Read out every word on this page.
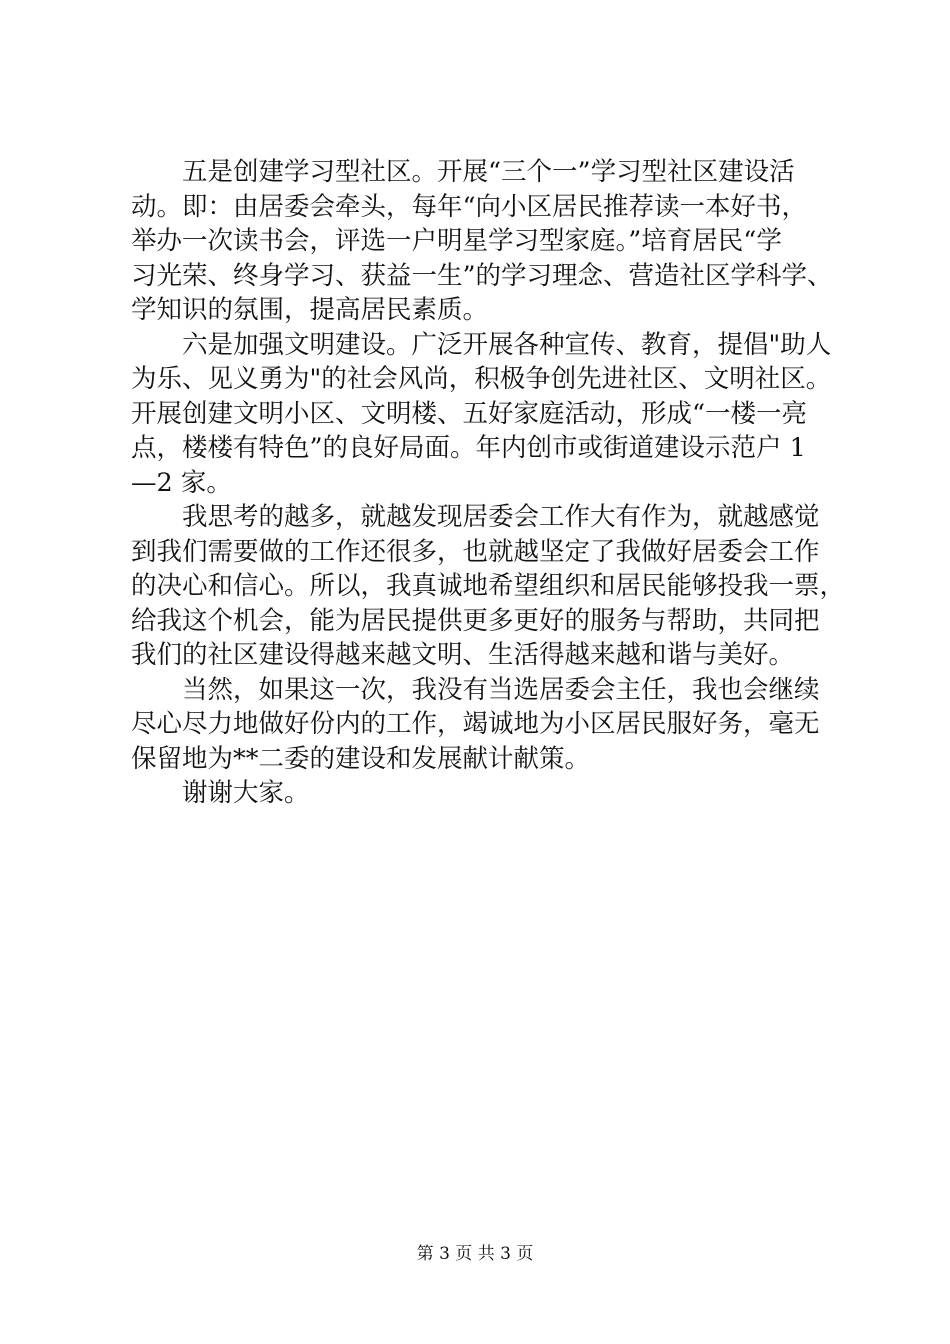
五是创建学习型社区。开展“三个一”学习型社区建设活
动。即：由居委会牵头，每年“向小区居民推荐读一本好书，
举办一次读书会，评选一户明星学习型家庭。”培育居民“学
习光荣、终身学习、获益一生”的学习理念、营造社区学科学、
学知识的氛围，提高居民素质。
六是加强文明建设。广泛开展各种宣传、教育，提倡"助人
为乐、见义勇为"的社会风尚，积极争创先进社区、文明社区。
开展创建文明小区、文明楼、五好家庭活动，形成“一楼一亮
点，楼楼有特色”的良好局面。年内创市或街道建设示范户 1
—2 家。
我思考的越多，就越发现居委会工作大有作为，就越感觉
到我们需要做的工作还很多，也就越坚定了我做好居委会工作
的决心和信心。所以，我真诚地希望组织和居民能够投我一票，
给我这个机会，能为居民提供更多更好的服务与帮助，共同把
我们的社区建设得越来越文明、生活得越来越和谐与美好。
当然，如果这一次，我没有当选居委会主任，我也会继续
尽心尽力地做好份内的工作，竭诚地为小区居民服好务，毫无
保留地为**二委的建设和发展献计献策。
谢谢大家。
第 3 页 共 3 页
